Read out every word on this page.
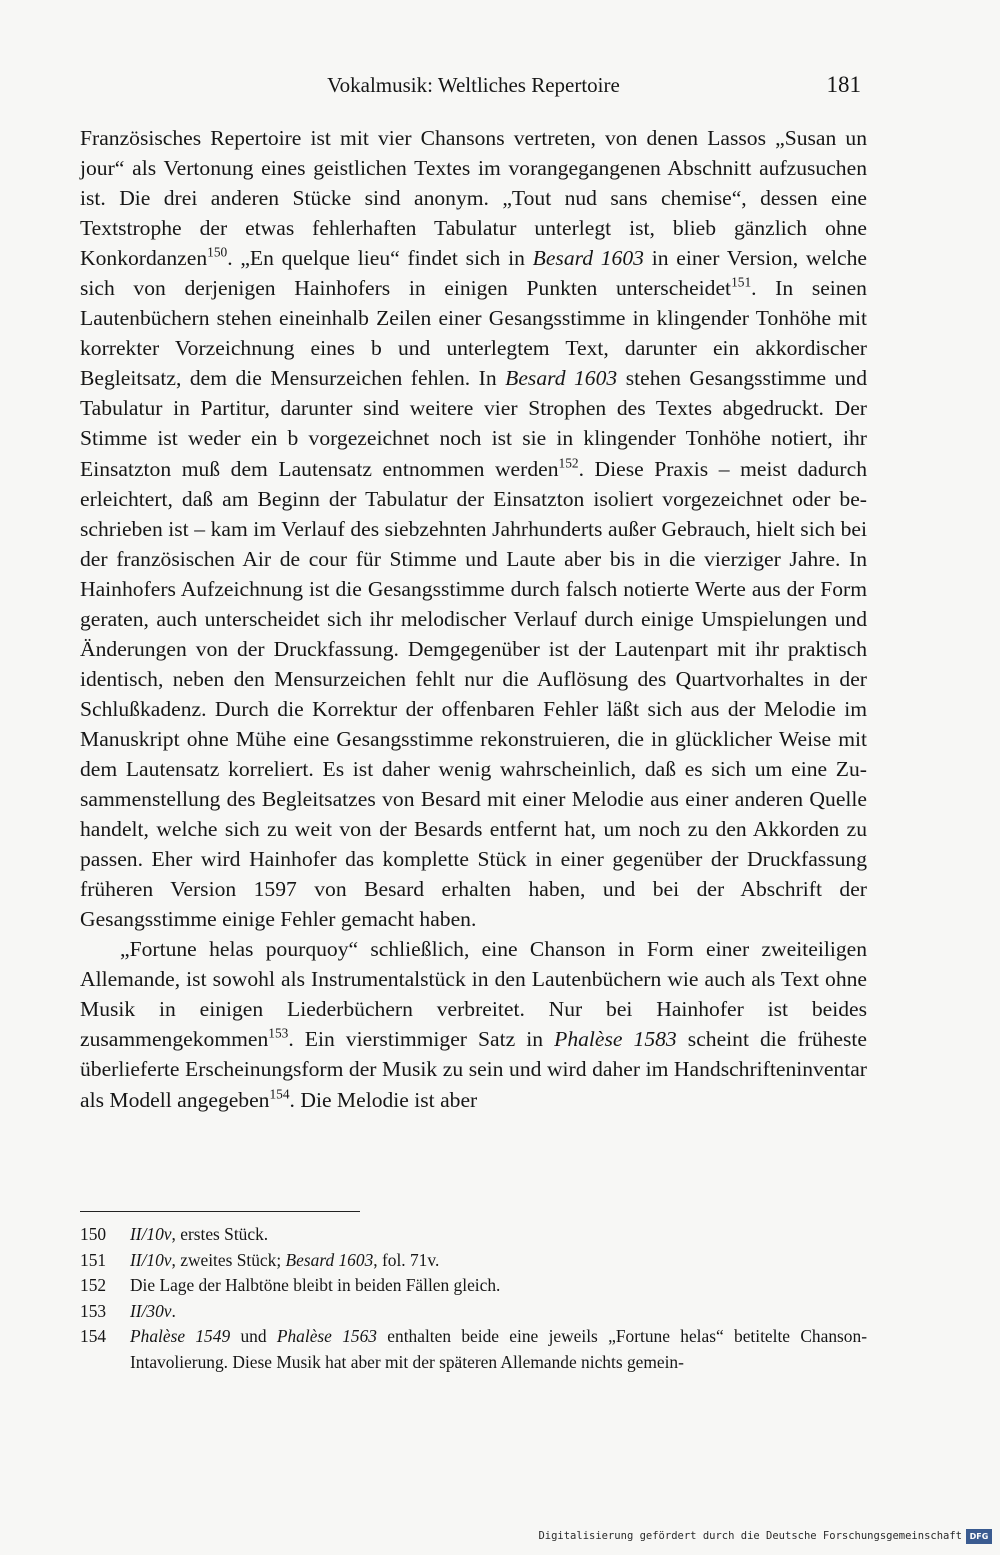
Vokalmusik: Weltliches Repertoire	181

Französisches Repertoire ist mit vier Chansons vertreten, von denen Lassos „Susan un jour“ als Vertonung eines geistlichen Textes im vorangegangenen Abschnitt aufzusuchen ist. Die drei anderen Stücke sind anonym. „Tout nud sans chemise“, dessen eine Textstrophe der etwas fehlerhaften Tabulatur unterlegt ist, blieb gänzlich ohne Konkordanzen$^{150}$. „En quelque lieu“ findet sich in Besard 1603 in einer Version, welche sich von derjenigen Hainhofers in einigen Punkten unterscheidet$^{151}$. In seinen Lautenbüchern stehen eineinhalb Zeilen einer Gesangsstimme in klingender Tonhöhe mit korrekter Vorzeichnung eines b und unterlegtem Text, darunter ein akkordischer Begleitsatz, dem die Mensurzeichen fehlen. In Besard 1603 stehen Gesangsstimme und Tabulatur in Partitur, darunter sind weitere vier Strophen des Textes abgedruckt. Der Stimme ist weder ein b vorgezeichnet noch ist sie in klingender Tonhöhe notiert, ihr Einsatzton muß dem Lautensatz entnommen werden$^{152}$. Diese Praxis – meist dadurch erleichtert, daß am Beginn der Tabulatur der Einsatzton isoliert vorgezeichnet oder beschrieben ist – kam im Verlauf des siebzehnten Jahrhunderts außer Gebrauch, hielt sich bei der französischen Air de cour für Stimme und Laute aber bis in die vierziger Jahre. In Hainhofers Aufzeichnung ist die Gesangsstimme durch falsch notierte Werte aus der Form geraten, auch unterscheidet sich ihr melodischer Verlauf durch einige Umspielungen und Änderungen von der Druckfassung. Demgegenüber ist der Lautenpart mit ihr praktisch identisch, neben den Mensurzeichen fehlt nur die Auflösung des Quartvorhaltes in der Schlußkadenz. Durch die Korrektur der offenbaren Fehler läßt sich aus der Melodie im Manuskript ohne Mühe eine Gesangsstimme rekonstruieren, die in glücklicher Weise mit dem Lautensatz korreliert. Es ist daher wenig wahrscheinlich, daß es sich um eine Zusammenstellung des Begleitsatzes von Besard mit einer Melodie aus einer anderen Quelle handelt, welche sich zu weit von der Besards entfernt hat, um noch zu den Akkorden zu passen. Eher wird Hainhofer das komplette Stück in einer gegenüber der Druckfassung früheren Version 1597 von Besard erhalten haben, und bei der Abschrift der Gesangsstimme einige Fehler gemacht haben.

„Fortune helas pourquoy“ schließlich, eine Chanson in Form einer zweiteiligen Allemande, ist sowohl als Instrumentalstück in den Lautenbüchern wie auch als Text ohne Musik in einigen Liederbüchern verbreitet. Nur bei Hainhofer ist beides zusammengekommen$^{153}$. Ein vierstimmiger Satz in Phalèse 1583 scheint die früheste überlieferte Erscheinungsform der Musik zu sein und wird daher im Handschrifteninventar als Modell angegeben$^{154}$. Die Melodie ist aber

150	II/10v, erstes Stück.
151	II/10v, zweites Stück; Besard 1603, fol. 71v.
152	Die Lage der Halbtöne bleibt in beiden Fällen gleich.
153	II/30v.
154	Phalèse 1549 und Phalèse 1563 enthalten beide eine jeweils „Fortune helas“ betitelte Chanson-Intavolierung. Diese Musik hat aber mit der späteren Allemande nichts gemein-
Digitalisierung gefördert durch die Deutsche Forschungsgemeinschaft DFG
